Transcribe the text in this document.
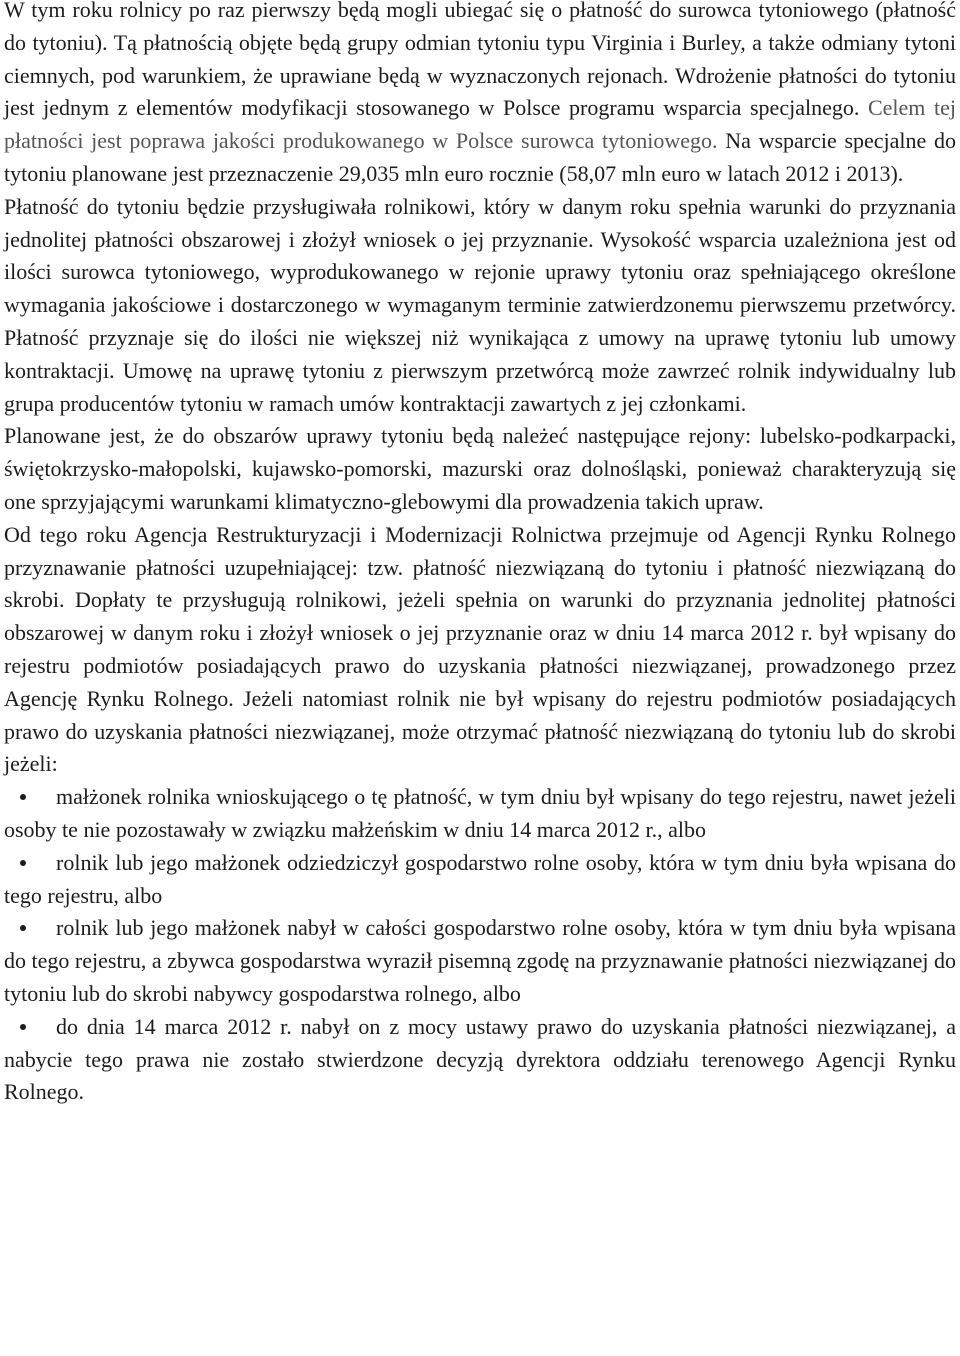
W tym roku rolnicy po raz pierwszy będą mogli ubiegać się o płatność do surowca tytoniowego (płatność do tytoniu). Tą płatnością objęte będą grupy odmian tytoniu typu Virginia i Burley, a także odmiany tytoni ciemnych, pod warunkiem, że uprawiane będą w wyznaczonych rejonach. Wdrożenie płatności do tytoniu jest jednym z elementów modyfikacji stosowanego w Polsce programu wsparcia specjalnego. Celem tej płatności jest poprawa jakości produkowanego w Polsce surowca tytoniowego. Na wsparcie specjalne do tytoniu planowane jest przeznaczenie 29,035 mln euro rocznie (58,07 mln euro w latach 2012 i 2013).

Płatność do tytoniu będzie przysługiwała rolnikowi, który w danym roku spełnia warunki do przyznania jednolitej płatności obszarowej i złożył wniosek o jej przyznanie. Wysokość wsparcia uzależniona jest od ilości surowca tytoniowego, wyprodukowanego w rejonie uprawy tytoniu oraz spełniającego określone wymagania jakościowe i dostarczonego w wymaganym terminie zatwierdzonemu pierwszemu przetwórcy. Płatność przyznaje się do ilości nie większej niż wynikająca z umowy na uprawę tytoniu lub umowy kontraktacji. Umowę na uprawę tytoniu z pierwszym przetwórcą może zawrzeć rolnik indywidualny lub grupa producentów tytoniu w ramach umów kontraktacji zawartych z jej członkami.

Planowane jest, że do obszarów uprawy tytoniu będą należeć następujące rejony: lubelsko-podkarpacki, świętokrzysko-małopolski, kujawsko-pomorski, mazurski oraz dolnośląski, ponieważ charakteryzują się one sprzyjającymi warunkami klimatyczno-glebowymi dla prowadzenia takich upraw.

Od tego roku Agencja Restrukturyzacji i Modernizacji Rolnictwa przejmuje od Agencji Rynku Rolnego przyznawanie płatności uzupełniającej: tzw. płatność niezwiązaną do tytoniu i płatność niezwiązaną do skrobi. Dopłaty te przysługują rolnikowi, jeżeli spełnia on warunki do przyznania jednolitej płatności obszarowej w danym roku i złożył wniosek o jej przyznanie oraz w dniu 14 marca 2012 r. był wpisany do rejestru podmiotów posiadających prawo do uzyskania płatności niezwiązanej, prowadzonego przez Agencję Rynku Rolnego. Jeżeli natomiast rolnik nie był wpisany do rejestru podmiotów posiadających prawo do uzyskania płatności niezwiązanej, może otrzymać płatność niezwiązaną do tytoniu lub do skrobi jeżeli:

małżonek rolnika wnioskującego o tę płatność, w tym dniu był wpisany do tego rejestru, nawet jeżeli osoby te nie pozostawały w związku małżeńskim w dniu 14 marca 2012 r., albo
rolnik lub jego małżonek odziedziczył gospodarstwo rolne osoby, która w tym dniu była wpisana do tego rejestru, albo
rolnik lub jego małżonek nabył w całości gospodarstwo rolne osoby, która w tym dniu była wpisana do tego rejestru, a zbywca gospodarstwa wyraził pisemną zgodę na przyznawanie płatności niezwiązanej do tytoniu lub do skrobi nabywcy gospodarstwa rolnego, albo
do dnia 14 marca 2012 r. nabył on z mocy ustawy prawo do uzyskania płatności niezwiązanej, a nabycie tego prawa nie zostało stwierdzone decyzją dyrektora oddziału terenowego Agencji Rynku Rolnego.
